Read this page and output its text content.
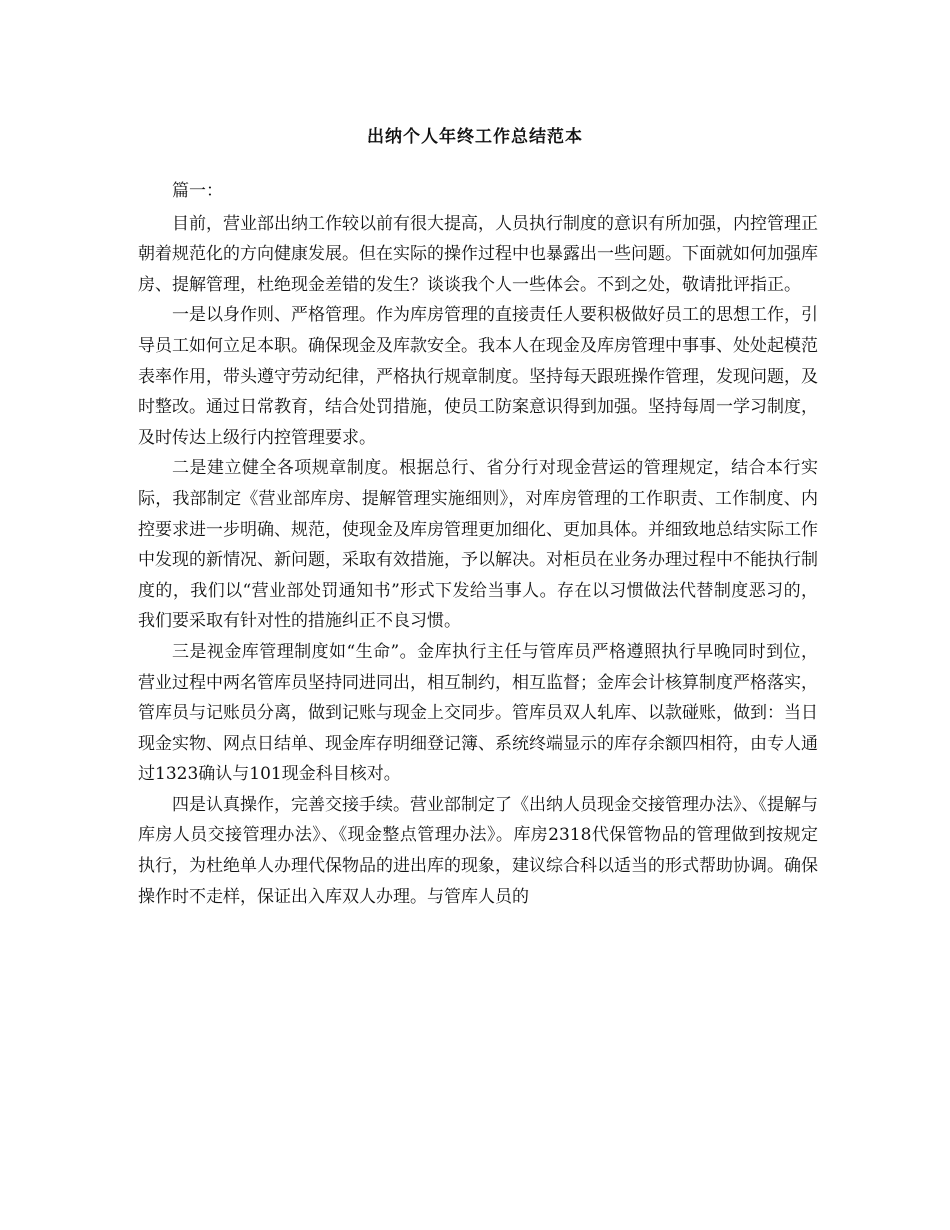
出纳个人年终工作总结范本

篇一：

目前，营业部出纳工作较以前有很大提高，人员执行制度的意识有所加强，内控管理正朝着规范化的方向健康发展。但在实际的操作过程中也暴露出一些问题。下面就如何加强库房、提解管理，杜绝现金差错的发生？谈谈我个人一些体会。不到之处，敬请批评指正。

一是以身作则、严格管理。作为库房管理的直接责任人要积极做好员工的思想工作，引导员工如何立足本职。确保现金及库款安全。我本人在现金及库房管理中事事、处处起模范表率作用，带头遵守劳动纪律，严格执行规章制度。坚持每天跟班操作管理，发现问题，及时整改。通过日常教育，结合处罚措施，使员工防案意识得到加强。坚持每周一学习制度，及时传达上级行内控管理要求。

二是建立健全各项规章制度。根据总行、省分行对现金营运的管理规定，结合本行实际，我部制定《营业部库房、提解管理实施细则》，对库房管理的工作职责、工作制度、内控要求进一步明确、规范，使现金及库房管理更加细化、更加具体。并细致地总结实际工作中发现的新情况、新问题，采取有效措施，予以解决。对柜员在业务办理过程中不能执行制度的，我们以“营业部处罚通知书”形式下发给当事人。存在以习惯做法代替制度恶习的，我们要采取有针对性的措施纠正不良习惯。

三是视金库管理制度如“生命”。金库执行主任与管库员严格遵照执行早晚同时到位，营业过程中两名管库员坚持同进同出，相互制约，相互监督；金库会计核算制度严格落实，管库员与记账员分离，做到记账与现金上交同步。管库员双人轧库、以款碰账，做到：当日现金实物、网点日结单、现金库存明细登记簿、系统终端显示的库存余额四相符，由专人通过1323确认与101现金科目核对。

四是认真操作，完善交接手续。营业部制定了《出纳人员现金交接管理办法》、《提解与库房人员交接管理办法》、《现金整点管理办法》。库房2318代保管物品的管理做到按规定执行，为杜绝单人办理代保物品的进出库的现象，建议综合科以适当的形式帮助协调。确保操作时不走样，保证出入库双人办理。与管库人员的
